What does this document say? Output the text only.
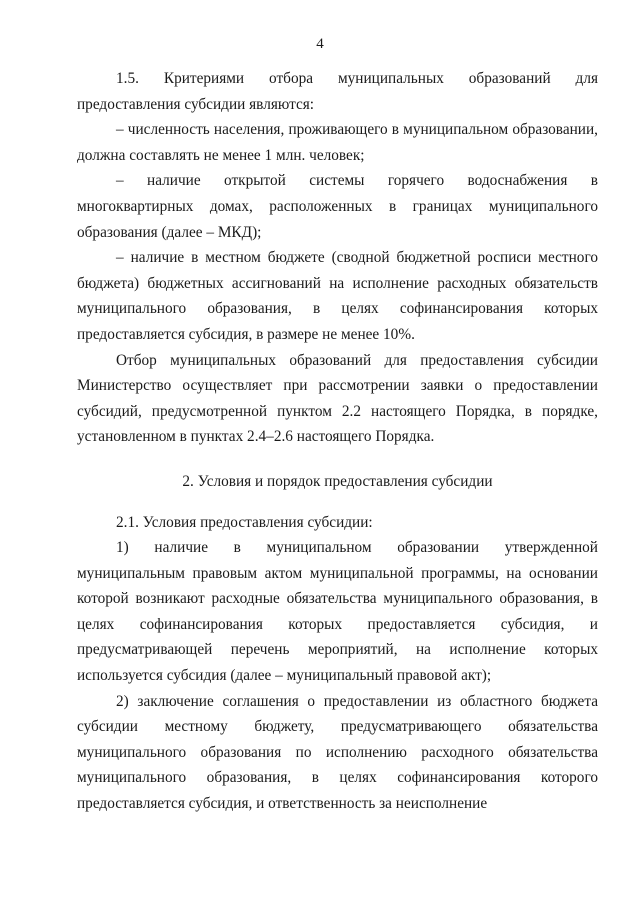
4

1.5. Критериями отбора муниципальных образований для предоставления субсидии являются:

– численность населения, проживающего в муниципальном образовании, должна составлять не менее 1 млн. человек;

– наличие открытой системы горячего водоснабжения в многоквартирных домах, расположенных в границах муниципального образования (далее – МКД);

– наличие в местном бюджете (сводной бюджетной росписи местного бюджета) бюджетных ассигнований на исполнение расходных обязательств муниципального образования, в целях софинансирования которых предоставляется субсидия, в размере не менее 10%.

Отбор муниципальных образований для предоставления субсидии Министерство осуществляет при рассмотрении заявки о предоставлении субсидий, предусмотренной пунктом 2.2 настоящего Порядка, в порядке, установленном в пунктах 2.4–2.6 настоящего Порядка.

2. Условия и порядок предоставления субсидии

2.1. Условия предоставления субсидии:

1) наличие в муниципальном образовании утвержденной муниципальным правовым актом муниципальной программы, на основании которой возникают расходные обязательства муниципального образования, в целях софинансирования которых предоставляется субсидия, и предусматривающей перечень мероприятий, на исполнение которых используется субсидия (далее – муниципальный правовой акт);

2) заключение соглашения о предоставлении из областного бюджета субсидии местному бюджету, предусматривающего обязательства муниципального образования по исполнению расходного обязательства муниципального образования, в целях софинансирования которого предоставляется субсидия, и ответственность за неисполнение
